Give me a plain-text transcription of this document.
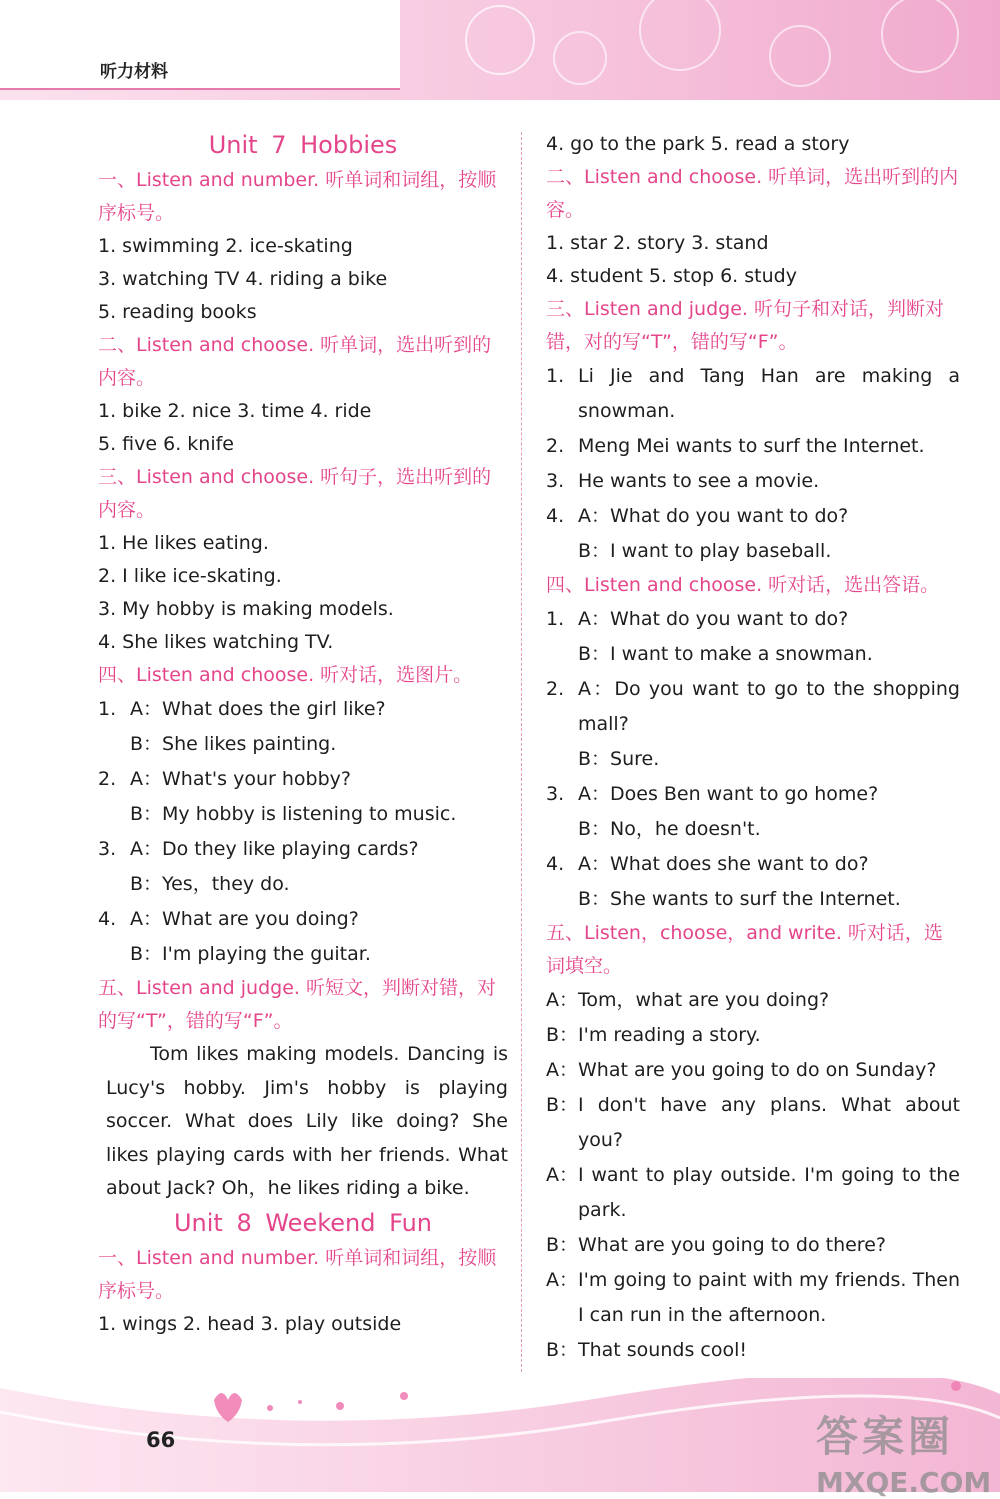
听力材料
Unit 7 Hobbies
一、Listen and number. 听单词和词组，按顺序标号。
1. swimming 2. ice-skating
3. watching TV 4. riding a bike
5. reading books
二、Listen and choose. 听单词，选出听到的内容。
1. bike 2. nice 3. time 4. ride
5. five 6. knife
三、Listen and choose. 听句子，选出听到的内容。
1. He likes eating.
2. I like ice-skating.
3. My hobby is making models.
4. She likes watching TV.
四、Listen and choose. 听对话，选图片。
1. A：What does the girl like?
B：She likes painting.
2. A：What's your hobby?
B：My hobby is listening to music.
3. A：Do they like playing cards?
B：Yes，they do.
4. A：What are you doing?
B：I'm playing the guitar.
五、Listen and judge. 听短文，判断对错，对的写“T”，错的写“F”。
Tom likes making models. Dancing is Lucy's hobby. Jim's hobby is playing soccer. What does Lily like doing? She likes playing cards with her friends. What about Jack? Oh，he likes riding a bike.
Unit 8 Weekend Fun
一、Listen and number. 听单词和词组，按顺序标号。
1. wings 2. head 3. play outside
4. go to the park 5. read a story
二、Listen and choose. 听单词，选出听到的内容。
1. star 2. story 3. stand
4. student 5. stop 6. study
三、Listen and judge. 听句子和对话，判断对错，对的写“T”，错的写“F”。
1. Li Jie and Tang Han are making a snowman.
2. Meng Mei wants to surf the Internet.
3. He wants to see a movie.
4. A：What do you want to do?
B：I want to play baseball.
四、Listen and choose. 听对话，选出答语。
1. A：What do you want to do?
B：I want to make a snowman.
2. A：Do you want to go to the shopping mall?
B：Sure.
3. A：Does Ben want to go home?
B：No，he doesn't.
4. A：What does she want to do?
B：She wants to surf the Internet.
五、Listen，choose，and write. 听对话，选词填空。
A： Tom，what are you doing?
B： I'm reading a story.
A： What are you going to do on Sunday?
B： I don't have any plans. What about you?
A： I want to play outside. I'm going to the park.
B： What are you going to do there?
A： I'm going to paint with my friends. Then I can run in the afternoon.
B： That sounds cool!
66	答案圈
MXQE.COM
